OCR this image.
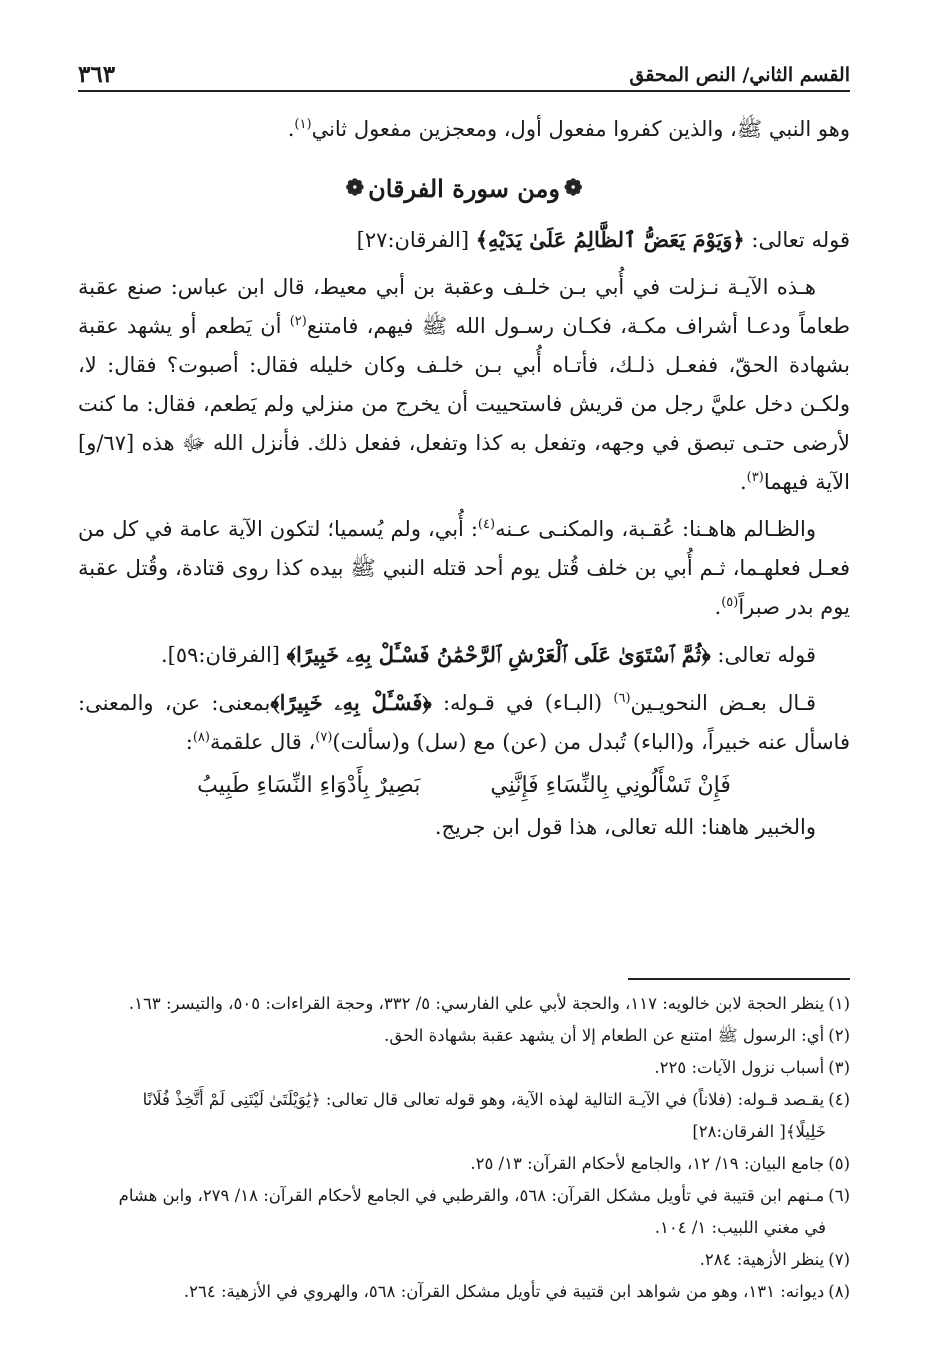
القسم الثاني/ النص المحقق
٣٦٣

وهو النبي ﷺ، والذين كفروا مفعول أول، ومعجزين مفعول ثاني$^{(١)}$.

❁
ومن سورة الفرقان
❁

قوله تعالى: ﴿وَيَوْمَ يَعَضُّ ٱلظَّالِمُ عَلَىٰ يَدَيْهِ﴾ [الفرقان:٢٧]

هـذه الآيـة نـزلت في أُبي بـن خلـف وعقبة بن أبي معيط، قال ابن عباس: صنع عقبة طعاماً ودعـا أشراف مكـة، فكـان رسـول الله ﷺ فيهم، فامتنع$^{(٢)}$ أن يَطعم أو يشهد عقبة بشهادة الحقّ، ففعـل ذلـك، فأتـاه أُبي بـن خلـف وكان خليله فقال: أصبوت؟ فقال: لا، ولكـن دخل عليَّ رجل من قريش فاستحييت أن يخرج من منزلي ولم يَطعم، فقال: ما كنت لأرضى حتـى تبصق في وجهه، وتفعل به كذا وتفعل، ففعل ذلك. فأنزل الله ﷻ هذه [٦٧/و] الآية فيهما$^{(٣)}$.

والظـالم هاهـنا: عُقـبة، والمكنـى عـنه$^{(٤)}$: أُبي، ولم يُسميا؛ لتكون الآية عامة في كل من فعـل فعلهـما، ثـم أُبي بن خلف قُتل يوم أحد قتله النبي ﷺ بيده كذا روى قتادة، وقُتل عقبة يوم بدر صبراً$^{(٥)}$.

قوله تعالى: ﴿ثُمَّ ٱسْتَوَىٰ عَلَى ٱلْعَرْشِ ٱلرَّحْمَٰنُ فَسْـَٔلْ بِهِۦ خَبِيرًا﴾ [الفرقان:٥٩].

قـال بعـض النحويـين$^{(٦)}$ (البـاء) في قـوله: ﴿فَسْـَٔلْ بِهِۦ خَبِيرًا﴾بمعنى: عن، والمعنى: فاسأل عنه خبيراً، و(الباء) تُبدل من (عن) مع (سل) و(سألت)$^{(٧)}$، قال علقمة$^{(٨)}$:

فَإِنْ تَسْأَلُونِي بِالنِّسَاءِ فَإِنَّنِي
بَصِيرٌ بِأَدْوَاءِ النِّسَاءِ طَبِيبُ

والخبير هاهنا: الله تعالى، هذا قول ابن جريج.

(١)ينظر الحجة لابن خالويه: ١١٧، والحجة لأبي علي الفارسي: ٥/ ٣٣٢، وحجة القراءات: ٥٠٥، والتيسر: ١٦٣.

(٢)أي: الرسول ﷺ امتنع عن الطعام إلا أن يشهد عقبة بشهادة الحق.

(٣)أسباب نزول الآيات: ٢٢٥.

(٤)يقـصد قـوله: (فلاناً) في الآيـة التالية لهذه الآية، وهو قوله تعالى قال تعالى: ﴿يَٰوَيْلَتَىٰ لَيْتَنِى لَمْ أَتَّخِذْ فُلَانًا
خَلِيلًا﴾[ الفرقان:٢٨]

(٥)جامع البيان: ١٩/ ١٢، والجامع لأحكام القرآن: ١٣/ ٢٥.

(٦)مـنهم ابن قتيبة في تأويل مشكل القرآن: ٥٦٨، والقرطبي في الجامع لأحكام القرآن: ١٨/ ٢٧٩، وابن هشام
في مغني اللبيب: ١/ ١٠٤.

(٧)ينظر الأزهية: ٢٨٤.

(٨)ديوانه: ١٣١، وهو من شواهد ابن قتيبة في تأويل مشكل القرآن: ٥٦٨، والهروي في الأزهية: ٢٦٤.
